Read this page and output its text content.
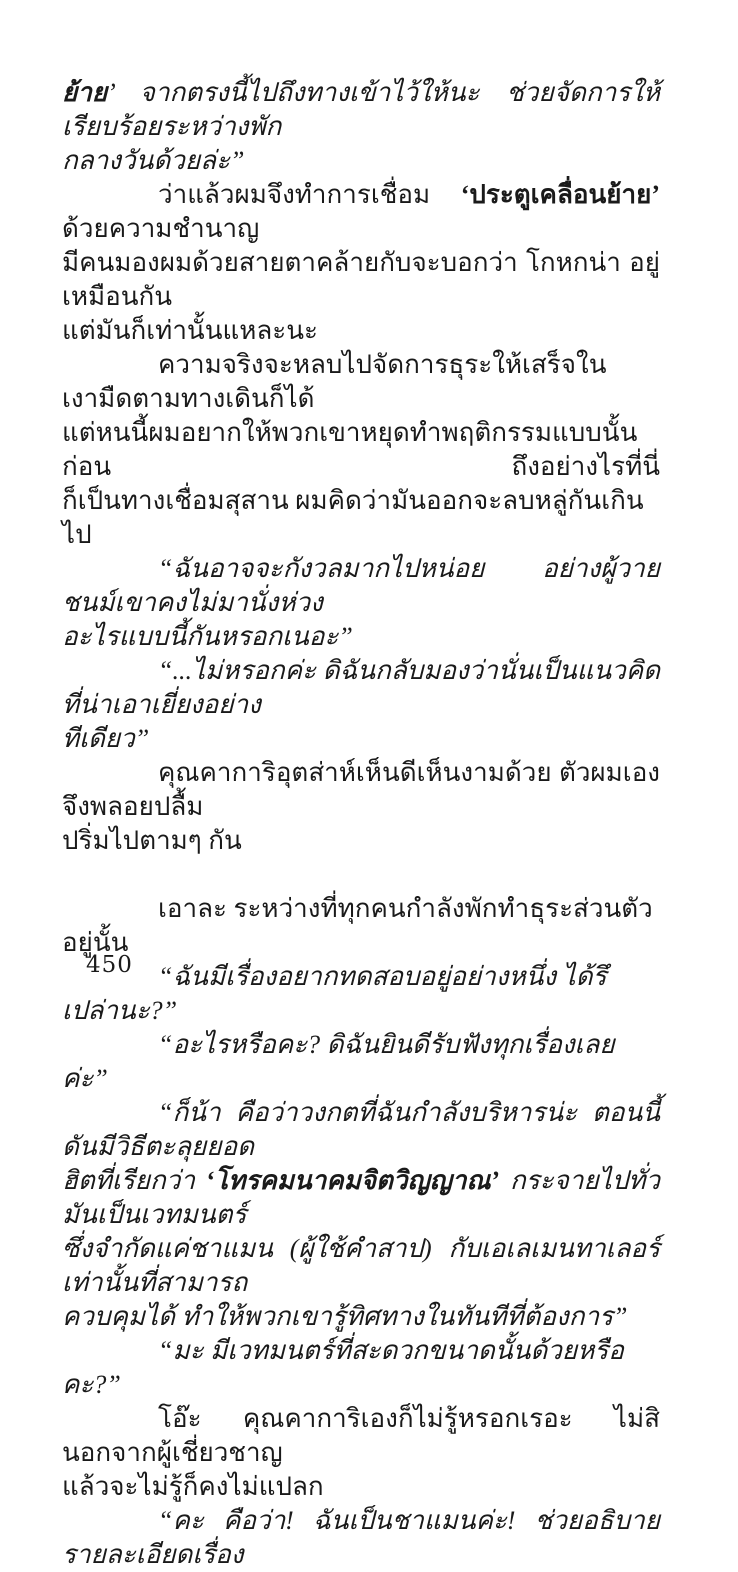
ย้าย’ จากตรงนี้ไปถึงทางเข้าไว้ให้นะ ช่วยจัดการให้เรียบร้อยระหว่างพัก
กลางวันด้วยล่ะ”
ว่าแล้วผมจึงทำการเชื่อม ‘ประตูเคลื่อนย้าย’ ด้วยความชำนาญ
มีคนมองผมด้วยสายตาคล้ายกับจะบอกว่า โกหกน่า อยู่เหมือนกัน
แต่มันก็เท่านั้นแหละนะ
ความจริงจะหลบไปจัดการธุระให้เสร็จในเงามืดตามทางเดินก็ได้
แต่หนนี้ผมอยากให้พวกเขาหยุดทำพฤติกรรมแบบนั้นก่อน ถึงอย่างไรที่นี่
ก็เป็นทางเชื่อมสุสาน ผมคิดว่ามันออกจะลบหลู่กันเกินไป
“ฉันอาจจะกังวลมากไปหน่อย อย่างผู้วายชนม์เขาคงไม่มานั่งห่วง
อะไรแบบนี้กันหรอกเนอะ”
“...ไม่หรอกค่ะ ดิฉันกลับมองว่านั่นเป็นแนวคิดที่น่าเอาเยี่ยงอย่าง
ทีเดียว”
คุณคาการิอุตส่าห์เห็นดีเห็นงามด้วย ตัวผมเองจึงพลอยปลื้ม
ปริ่มไปตามๆ กัน
เอาละ ระหว่างที่ทุกคนกำลังพักทำธุระส่วนตัวอยู่นั้น
“ฉันมีเรื่องอยากทดสอบอยู่อย่างหนึ่ง ได้รึเปล่านะ?”
“อะไรหรือคะ? ดิฉันยินดีรับฟังทุกเรื่องเลยค่ะ”
“ก็น้า คือว่าวงกตที่ฉันกำลังบริหารน่ะ ตอนนี้ดันมีวิธีตะลุยยอด
ฮิตที่เรียกว่า ‘โทรคมนาคมจิตวิญญาณ’ กระจายไปทั่ว มันเป็นเวทมนตร์
ซึ่งจำกัดแค่ชาแมน (ผู้ใช้คำสาป) กับเอเลเมนทาเลอร์เท่านั้นที่สามารถ
ควบคุมได้ ทำให้พวกเขารู้ทิศทางในทันทีที่ต้องการ”
“มะ มีเวทมนตร์ที่สะดวกขนาดนั้นด้วยหรือคะ?”
โอ๊ะ คุณคาการิเองก็ไม่รู้หรอกเรอะ ไม่สิ นอกจากผู้เชี่ยวชาญ
แล้วจะไม่รู้ก็คงไม่แปลก
“คะ คือว่า! ฉันเป็นชาแมนค่ะ! ช่วยอธิบายรายละเอียดเรื่อง
450
